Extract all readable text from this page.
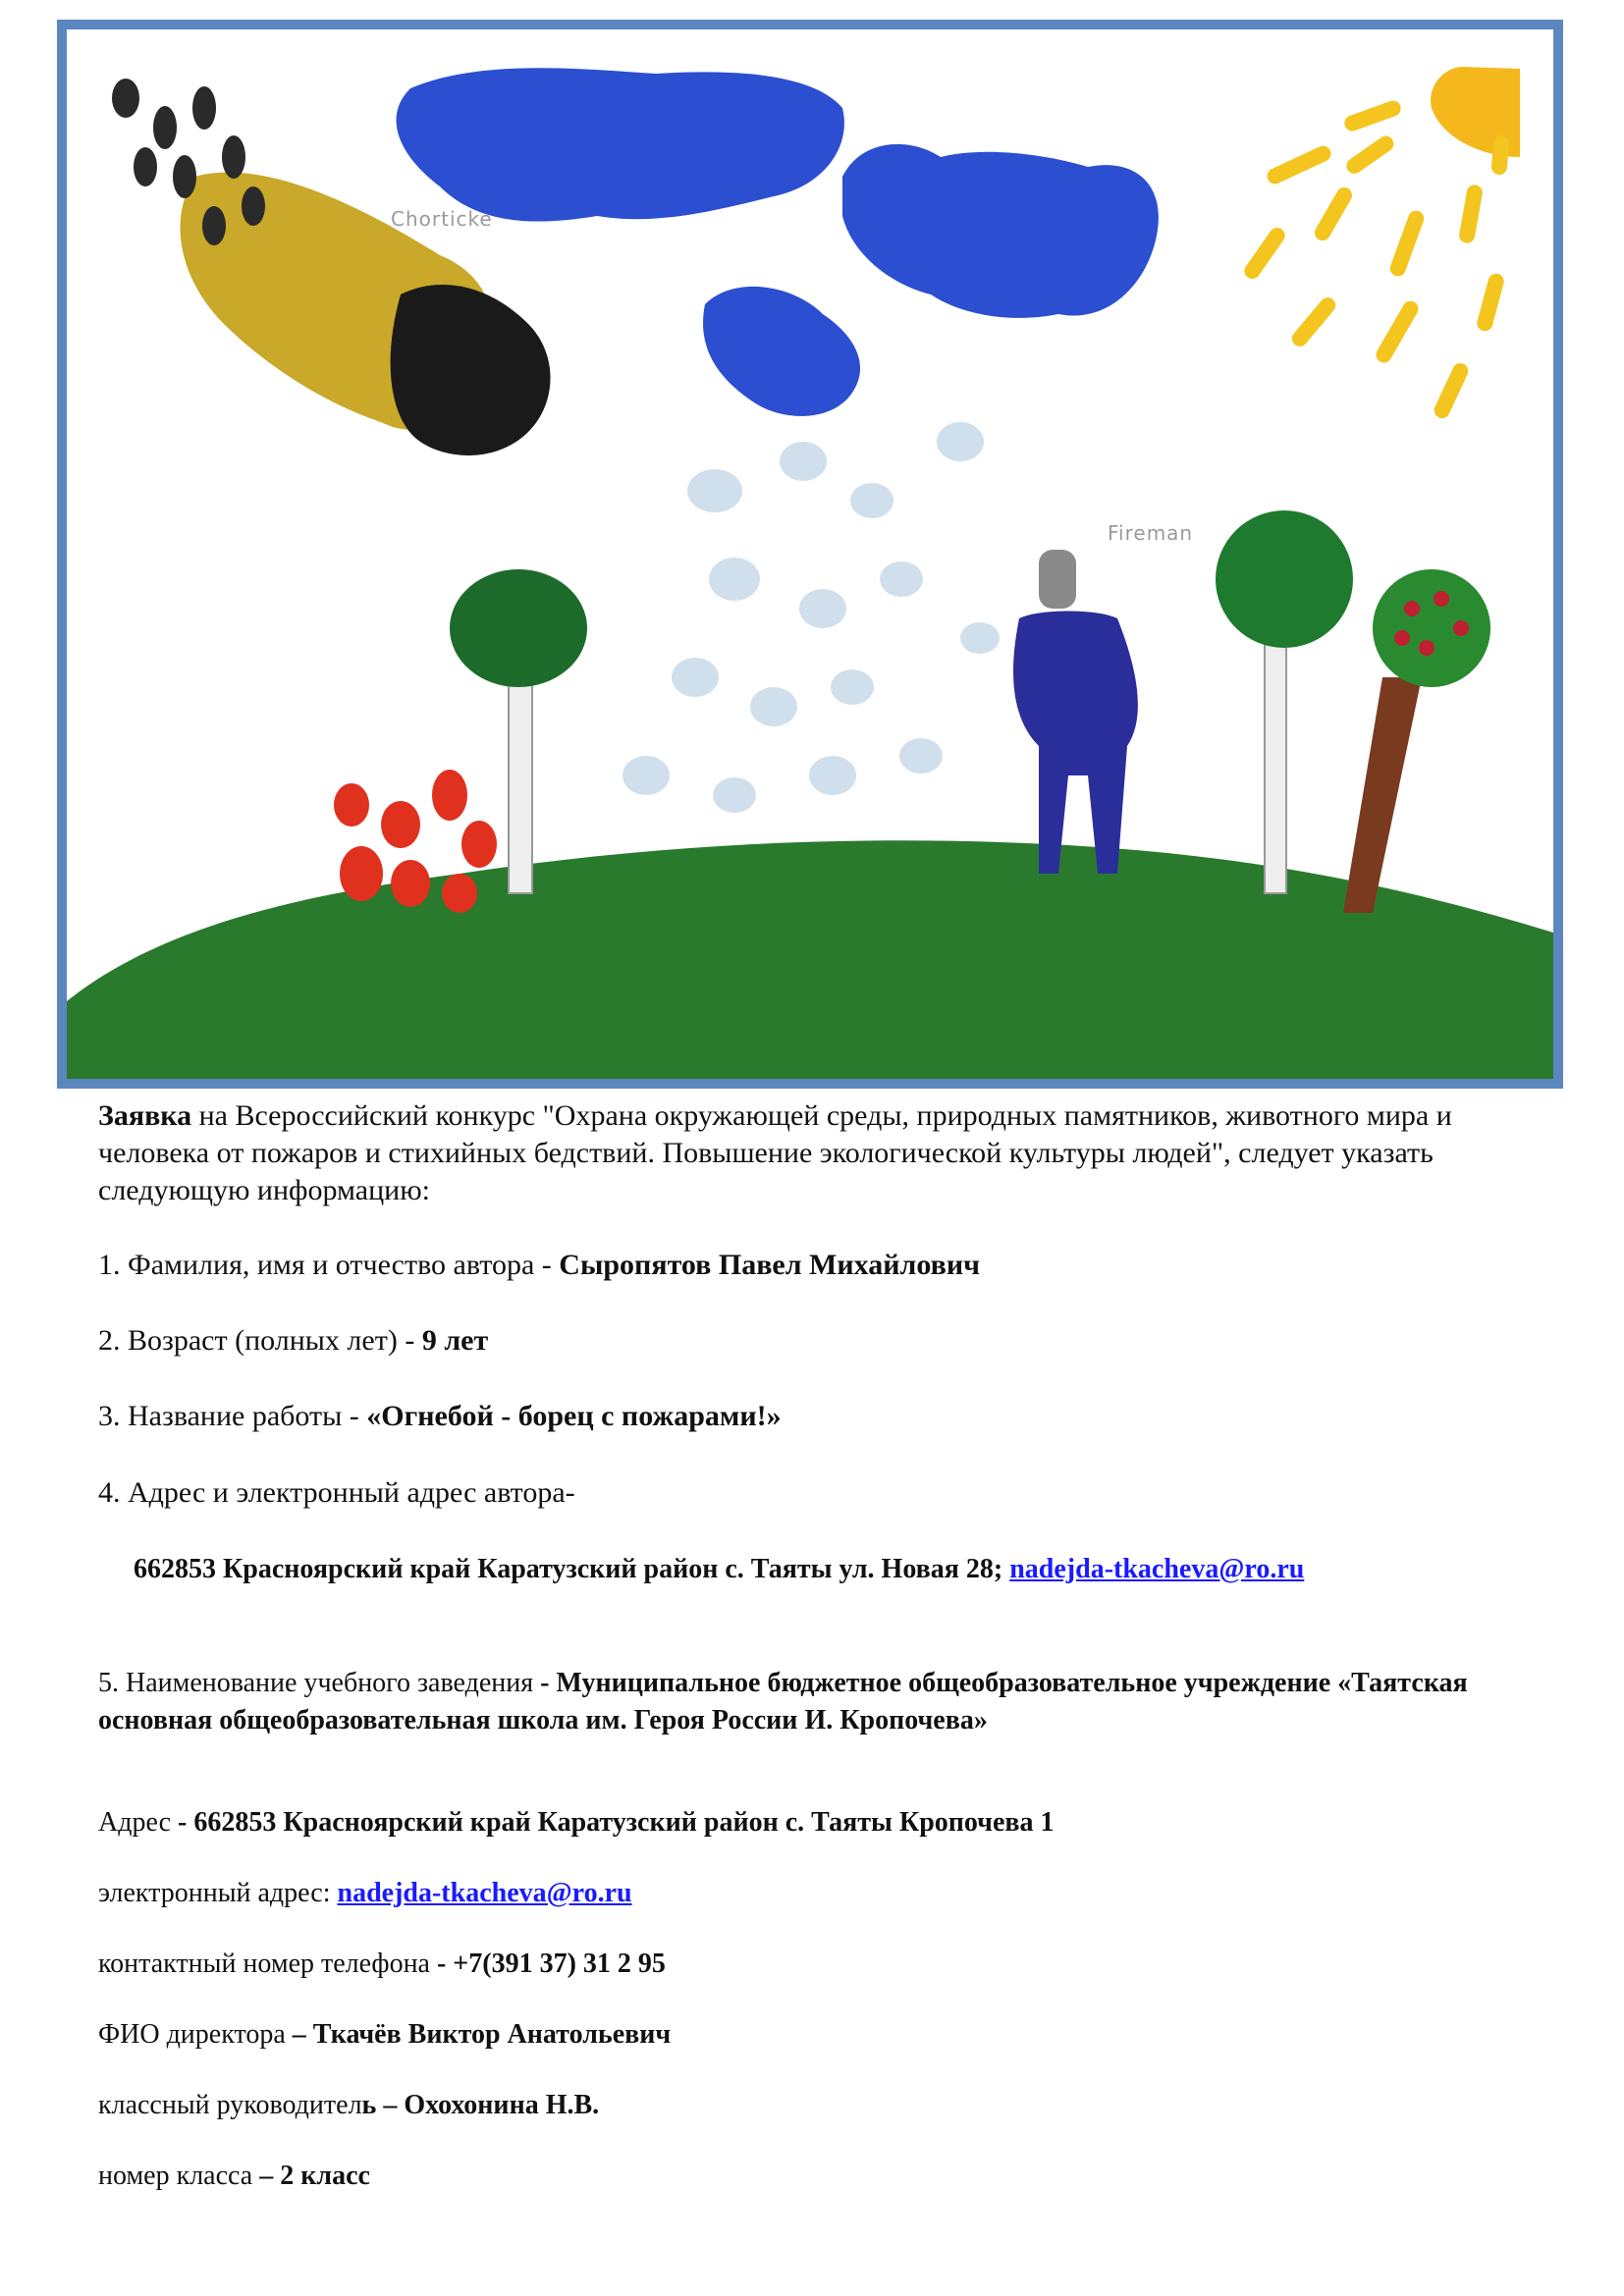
Chorticke
Fireman
Заявка на Всероссийский конкурс "Охрана окружающей среды, природных памятников, животного мира и человека от пожаров и стихийных бедствий. Повышение экологической культуры людей", следует указать следующую информацию:
1. Фамилия, имя и отчество автора - Сыропятов Павел Михайлович
2. Возраст (полных лет) - 9 лет
3. Название работы - «Огнебой - борец с пожарами!»
4. Адрес и электронный адрес автора-
662853 Красноярский край Каратузский район с. Таяты ул. Новая 28; nadejda-tkacheva@ro.ru
5. Наименование учебного заведения - Муниципальное бюджетное общеобразовательное учреждение «Таятская основная общеобразовательная школа им. Героя России И. Кропочева»
Адрес - 662853 Красноярский край Каратузский район с. Таяты Кропочева 1
электронный адрес: nadejda-tkacheva@ro.ru
контактный номер телефона - +7(391 37) 31 2 95
ФИО директора – Ткачёв Виктор Анатольевич
классный руководитель – Охохонина Н.В.
номер класса – 2 класс
